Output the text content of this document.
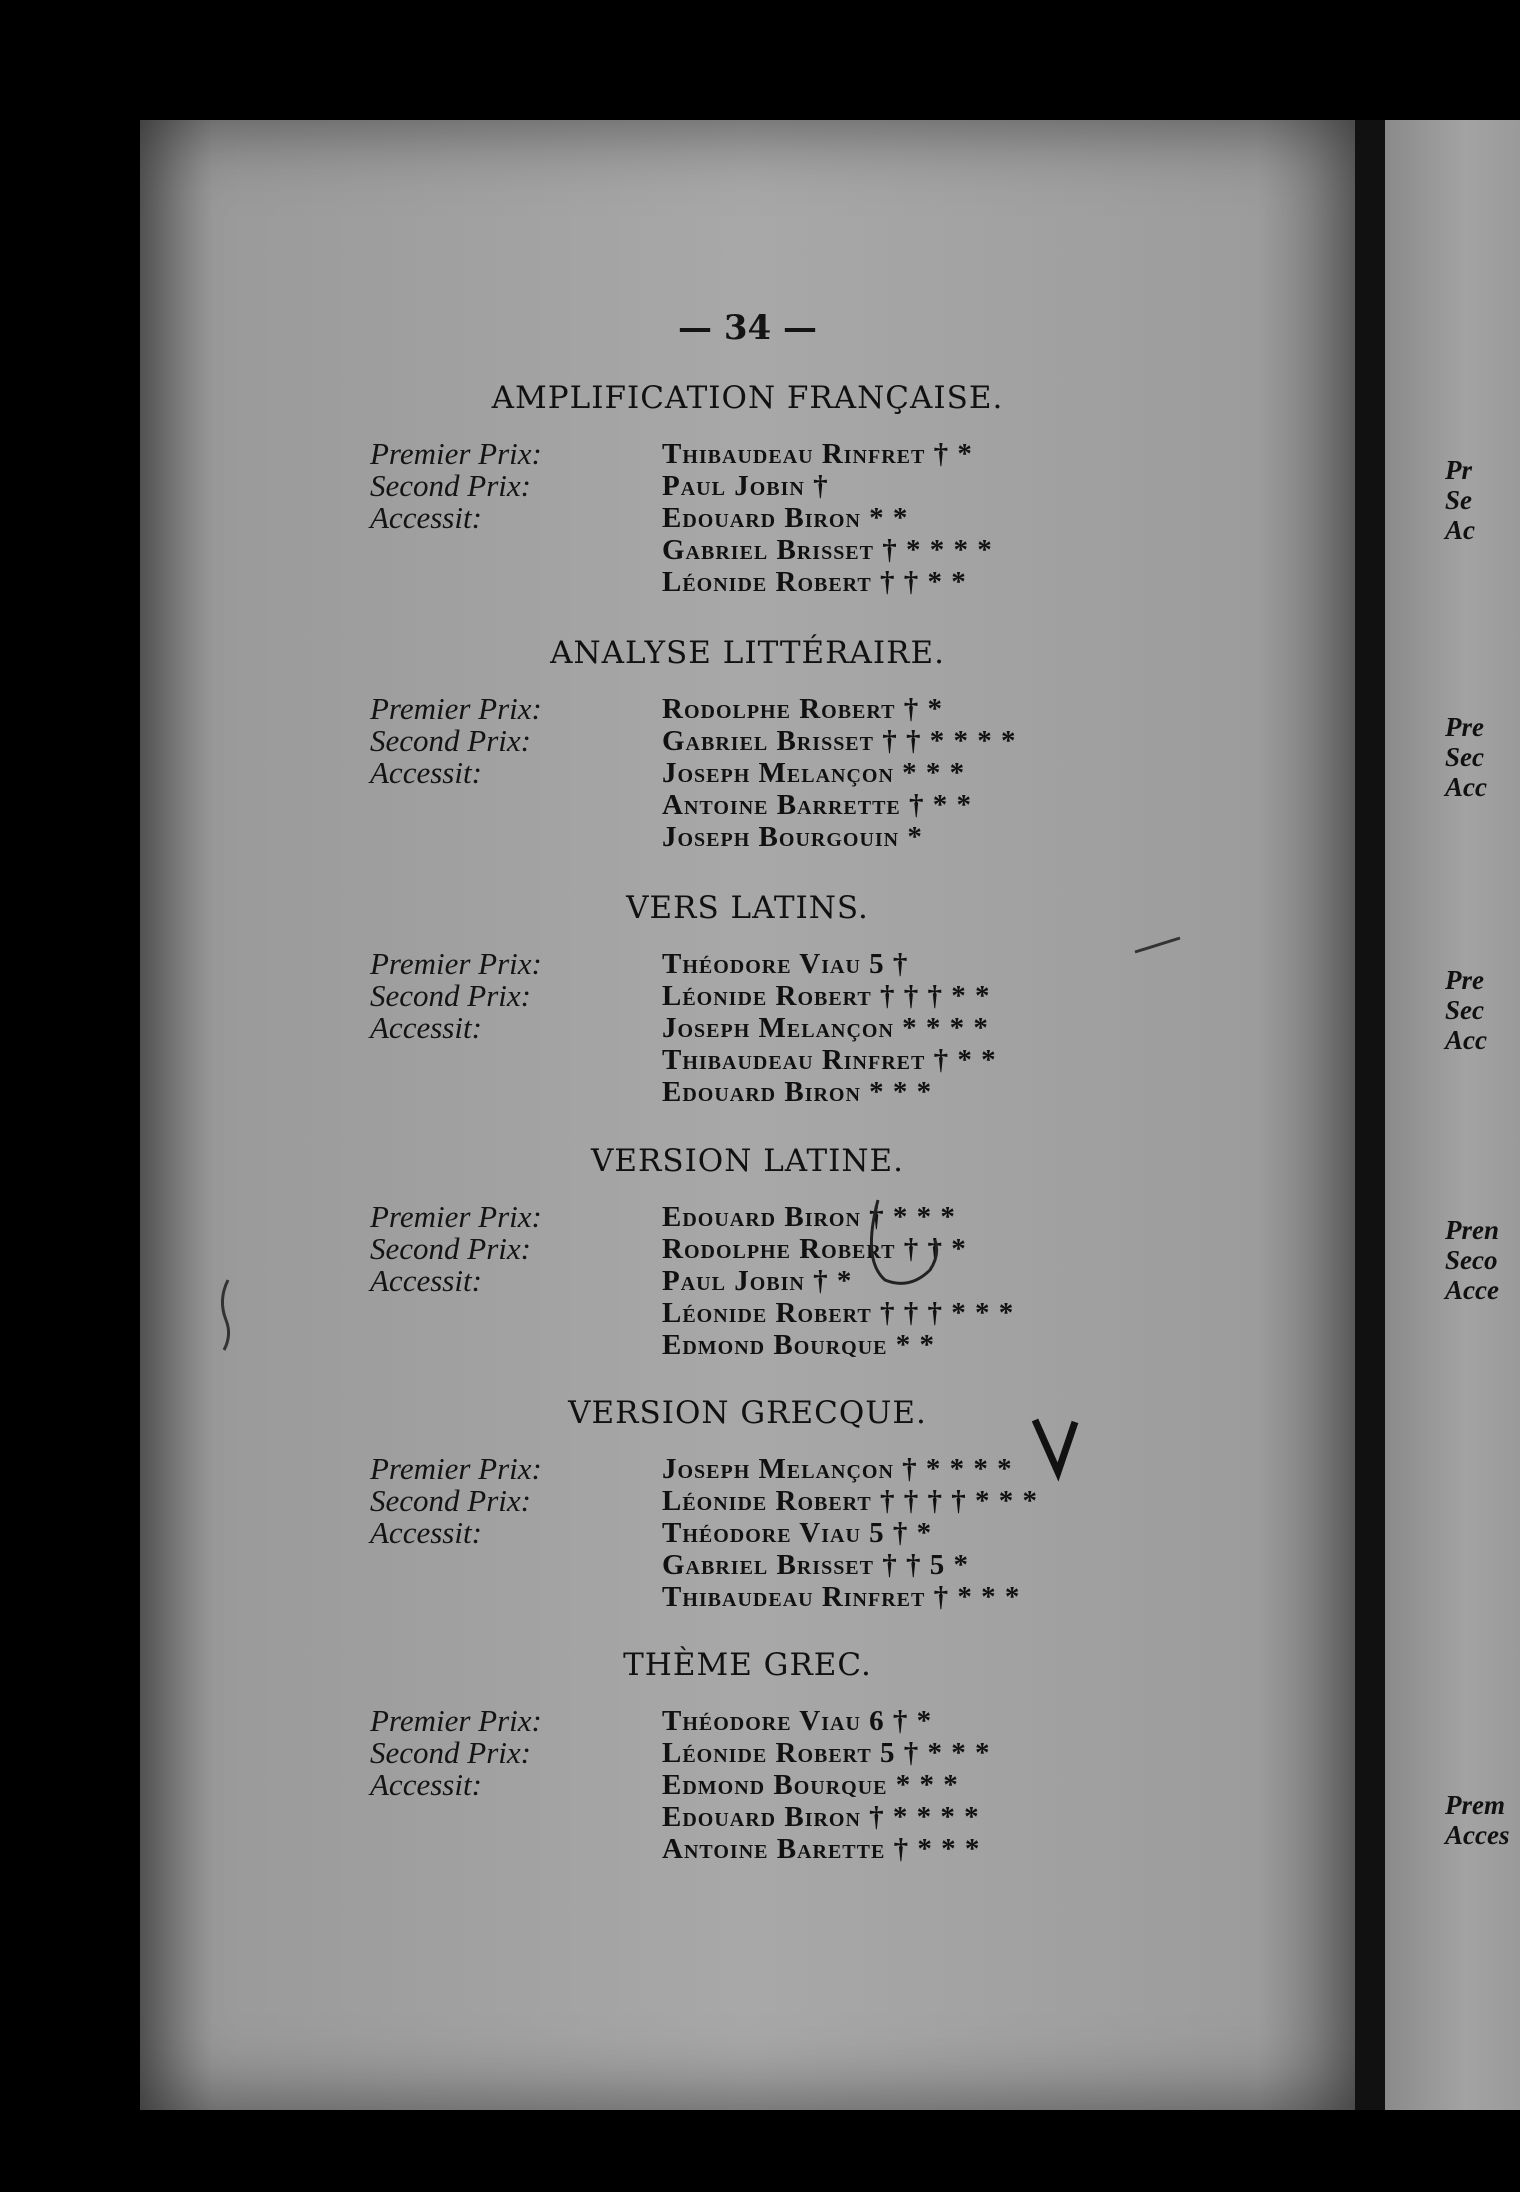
— 34 —
AMPLIFICATION FRANÇAISE.
Premier Prix:
Second Prix:
Accessit:
Thibaudeau Rinfret † *
Paul Jobin †
Edouard Biron * *
Gabriel Brisset † * * * *
Léonide Robert † † * *
ANALYSE LITTÉRAIRE.
Premier Prix:
Second Prix:
Accessit:
Rodolphe Robert † *
Gabriel Brisset † † * * * *
Joseph Melançon * * *
Antoine Barrette † * *
Joseph Bourgouin *
VERS LATINS.
Premier Prix:
Second Prix:
Accessit:
Théodore Viau 5 †
Léonide Robert † † † * *
Joseph Melançon * * * *
Thibaudeau Rinfret † * *
Edouard Biron * * *
VERSION LATINE.
Premier Prix:
Second Prix:
Accessit:
Edouard Biron † * * *
Rodolphe Robert † † *
Paul Jobin † *
Léonide Robert † † † * * *
Edmond Bourque * *
VERSION GRECQUE.
Premier Prix:
Second Prix:
Accessit:
Joseph Melançon † * * * *
Léonide Robert † † † † * * *
Théodore Viau 5 † *
Gabriel Brisset † † 5 *
Thibaudeau Rinfret † * * *
THÈME GREC.
Premier Prix:
Second Prix:
Accessit:
Théodore Viau 6 † *
Léonide Robert 5 † * * *
Edmond Bourque * * *
Edouard Biron † * * * *
Antoine Barette † * * *
Pr
Se
Ac
Pre
Sec
Acc
Pre
Sec
Acc
Pren
Seco
Acce
Prem
Acces
